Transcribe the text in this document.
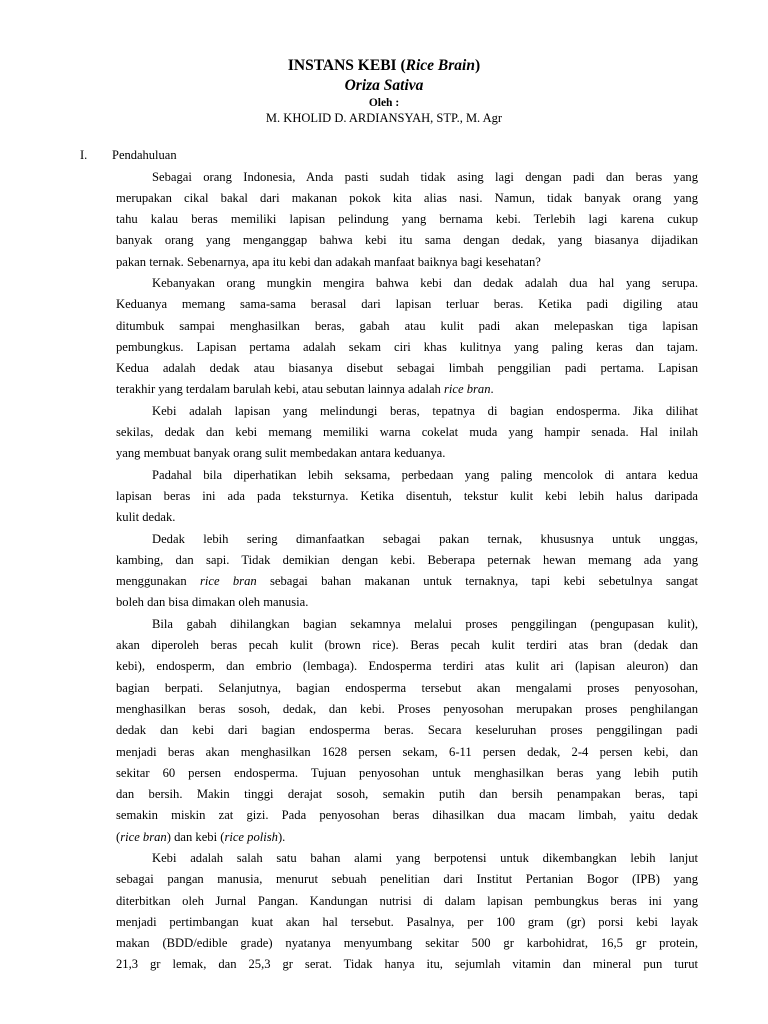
INSTANS KEBI (Rice Brain)

Oriza Sativa

Oleh :

M. KHOLID D. ARDIANSYAH, STP., M. Agr

I. Pendahuluan

Sebagai orang Indonesia, Anda pasti sudah tidak asing lagi dengan padi dan beras yang

merupakan cikal bakal dari makanan pokok kita alias nasi. Namun, tidak banyak orang yang

tahu kalau beras memiliki lapisan pelindung yang bernama kebi. Terlebih lagi karena cukup

banyak orang yang menganggap bahwa kebi itu sama dengan dedak, yang biasanya dijadikan

pakan ternak. Sebenarnya, apa itu kebi dan adakah manfaat baiknya bagi kesehatan?

Kebanyakan orang mungkin mengira bahwa kebi dan dedak adalah dua hal yang serupa.

Keduanya memang sama-sama berasal dari lapisan terluar beras. Ketika padi digiling atau

ditumbuk sampai menghasilkan beras, gabah atau kulit padi akan melepaskan tiga lapisan

pembungkus. Lapisan pertama adalah sekam ciri khas kulitnya yang paling keras dan tajam.

Kedua adalah dedak atau biasanya disebut sebagai limbah penggilian padi pertama. Lapisan

terakhir yang terdalam barulah kebi, atau sebutan lainnya adalah rice bran.

Kebi adalah lapisan yang melindungi beras, tepatnya di bagian endosperma. Jika dilihat

sekilas, dedak dan kebi memang memiliki warna cokelat muda yang hampir senada. Hal inilah

yang membuat banyak orang sulit membedakan antara keduanya.

Padahal bila diperhatikan lebih seksama, perbedaan yang paling mencolok di antara kedua

lapisan beras ini ada pada teksturnya. Ketika disentuh, tekstur kulit kebi lebih halus daripada

kulit dedak.

Dedak lebih sering dimanfaatkan sebagai pakan ternak, khususnya untuk unggas,

kambing, dan sapi. Tidak demikian dengan kebi. Beberapa peternak hewan memang ada yang

menggunakan rice bran sebagai bahan makanan untuk ternaknya, tapi kebi sebetulnya sangat

boleh dan bisa dimakan oleh manusia.

Bila gabah dihilangkan bagian sekamnya melalui proses penggilingan (pengupasan kulit),

akan diperoleh beras pecah kulit (brown rice). Beras pecah kulit terdiri atas bran (dedak dan

kebi), endosperm, dan embrio (lembaga). Endosperma terdiri atas kulit ari (lapisan aleuron) dan

bagian berpati. Selanjutnya, bagian endosperma tersebut akan mengalami proses penyosohan,

menghasilkan beras sosoh, dedak, dan kebi. Proses penyosohan merupakan proses penghilangan

dedak dan kebi dari bagian endosperma beras. Secara keseluruhan proses penggilingan padi

menjadi beras akan menghasilkan 1628 persen sekam, 6-11 persen dedak, 2-4 persen kebi, dan

sekitar 60 persen endosperma. Tujuan penyosohan untuk menghasilkan beras yang lebih putih

dan bersih. Makin tinggi derajat sosoh, semakin putih dan bersih penampakan beras, tapi

semakin miskin zat gizi. Pada penyosohan beras dihasilkan dua macam limbah, yaitu dedak

(rice bran) dan kebi (rice polish).

Kebi adalah salah satu bahan alami yang berpotensi untuk dikembangkan lebih lanjut

sebagai pangan manusia, menurut sebuah penelitian dari Institut Pertanian Bogor (IPB) yang

diterbitkan oleh Jurnal Pangan. Kandungan nutrisi di dalam lapisan pembungkus beras ini yang

menjadi pertimbangan kuat akan hal tersebut. Pasalnya, per 100 gram (gr) porsi kebi layak

makan (BDD/edible grade) nyatanya menyumbang sekitar 500 gr karbohidrat, 16,5 gr protein,

21,3 gr lemak, dan 25,3 gr serat. Tidak hanya itu, sejumlah vitamin dan mineral pun turut
